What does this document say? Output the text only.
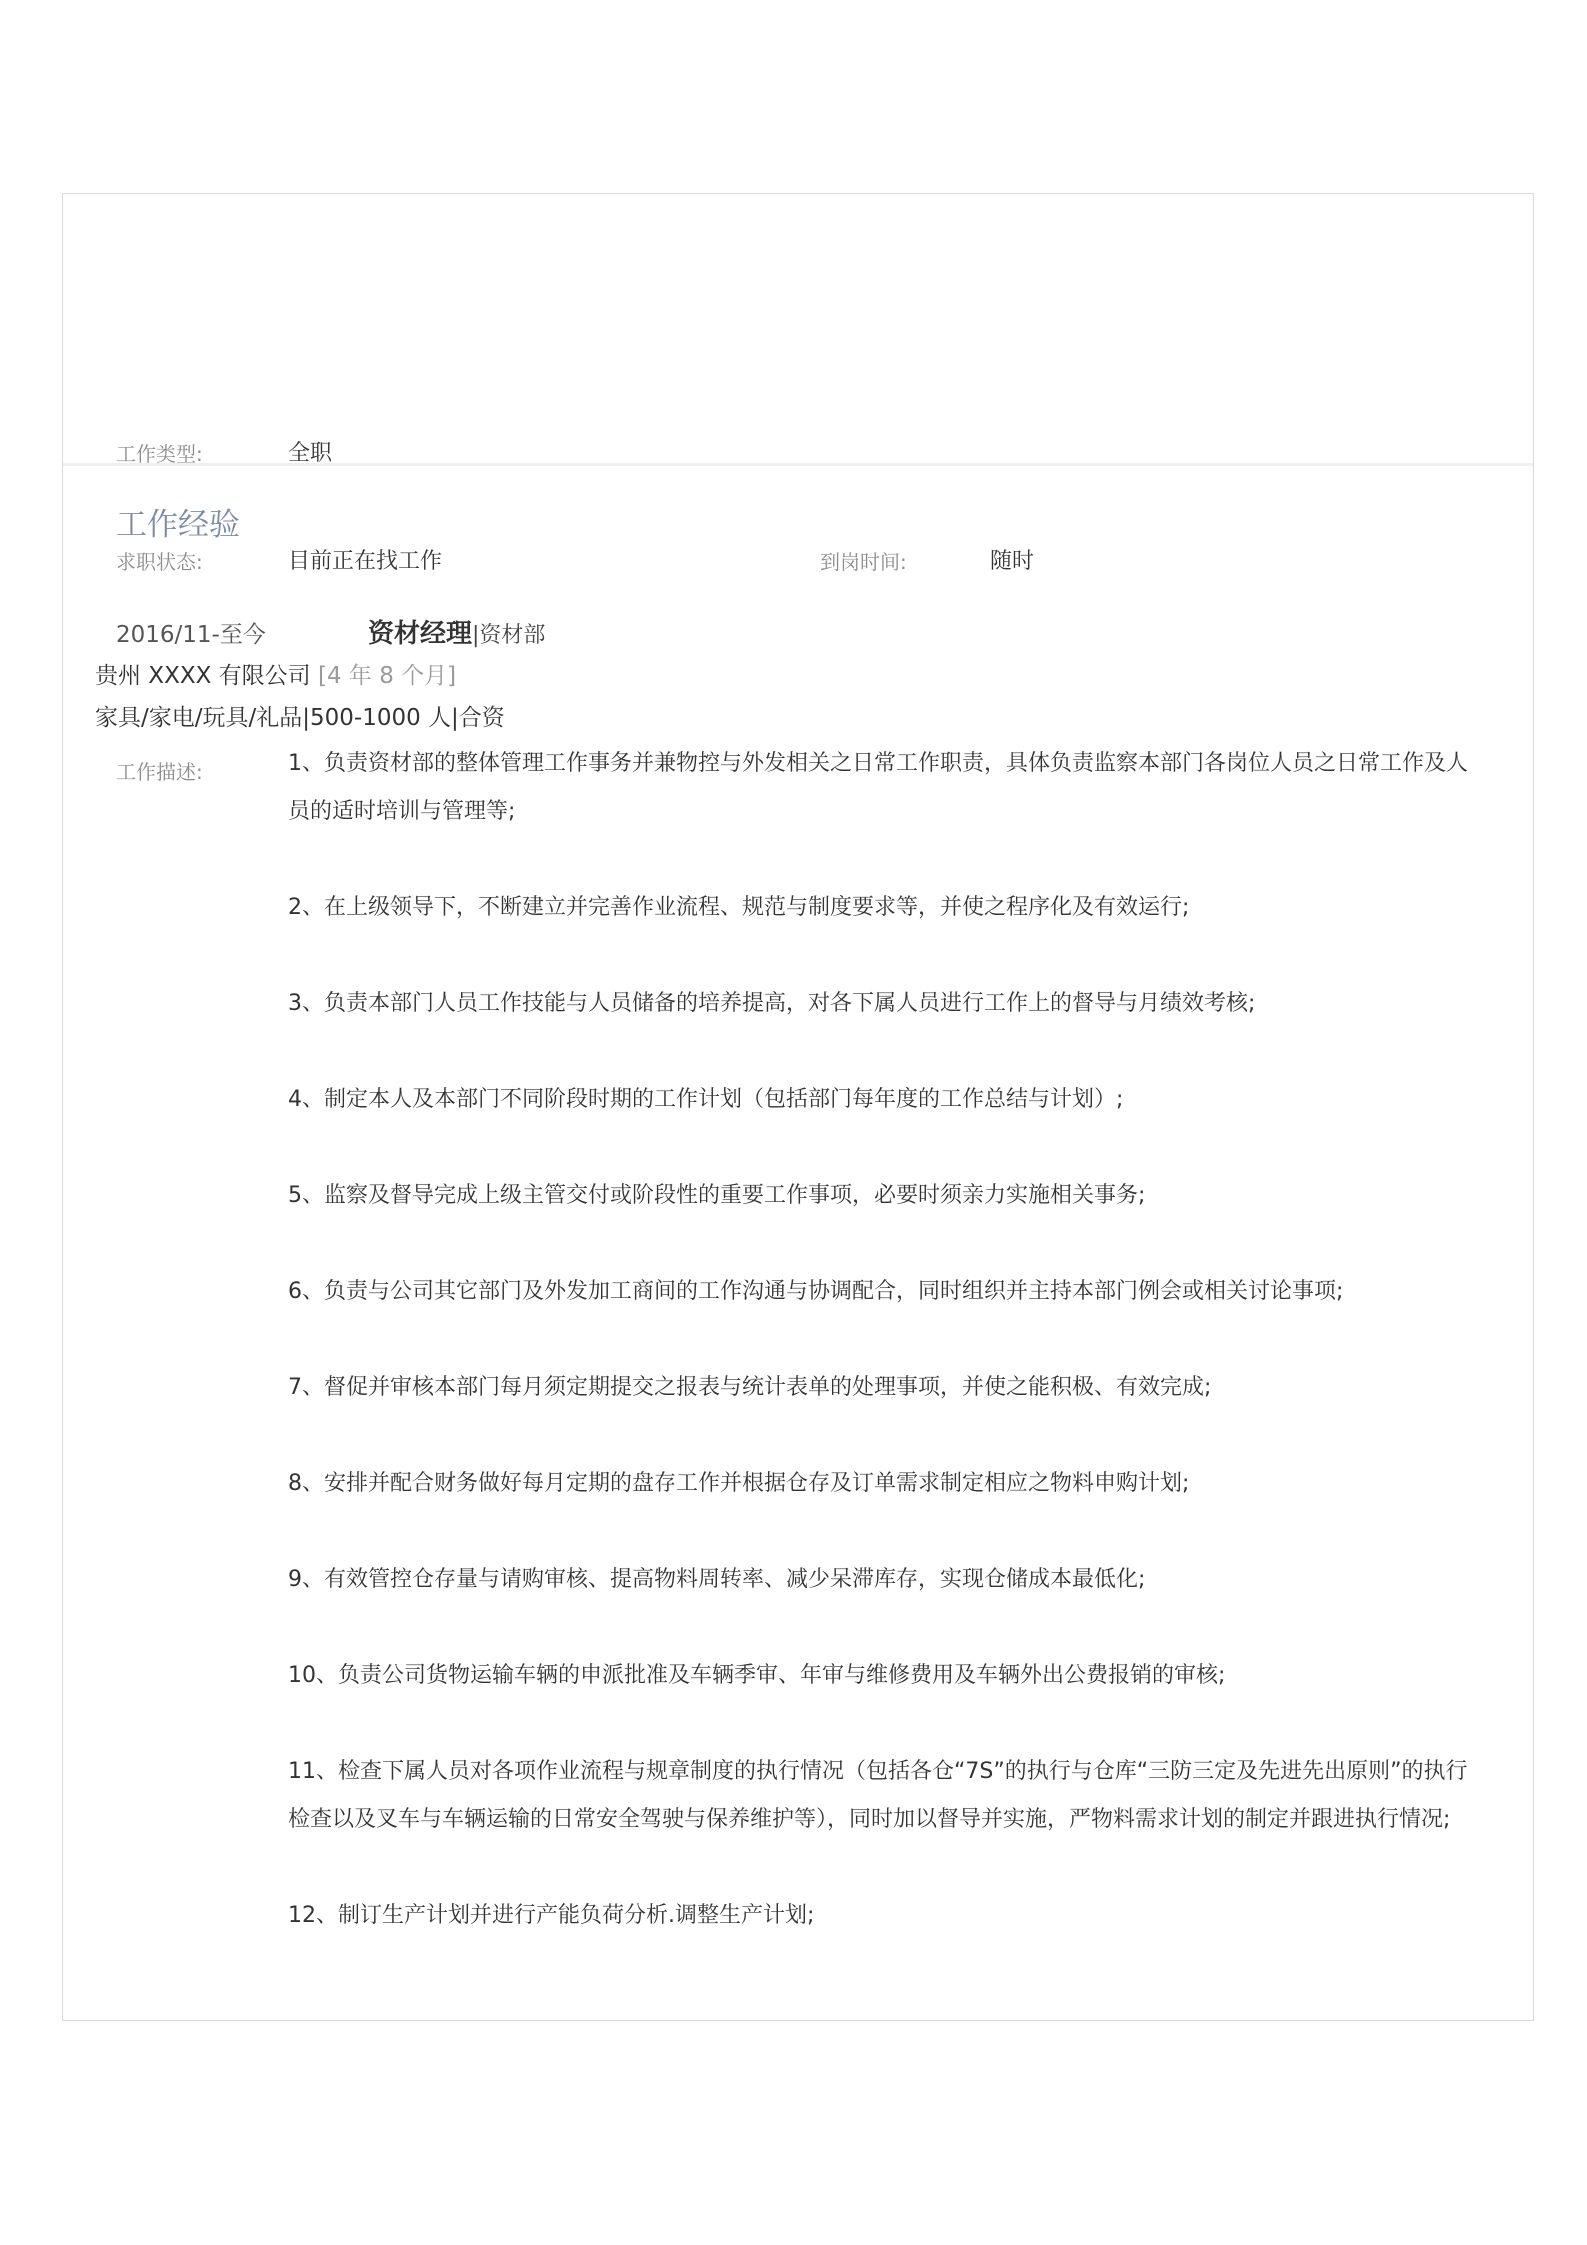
工作类型:	全职
求职状态:	目前正在找工作	到岗时间:	随时
工作经验
2016/11-至今	资材经理|资材部
贵州 XXXX 有限公司 [4 年 8 个月]
家具/家电/玩具/礼品|500-1000 人|合资
工作描述:	1、负责资材部的整体管理工作事务并兼物控与外发相关之日常工作职责，具体负责监察本部门各岗位人员之日常工作及人员的适时培训与管理等;

2、在上级领导下，不断建立并完善作业流程、规范与制度要求等，并使之程序化及有效运行;

3、负责本部门人员工作技能与人员储备的培养提高，对各下属人员进行工作上的督导与月绩效考核;

4、制定本人及本部门不同阶段时期的工作计划（包括部门每年度的工作总结与计划）;

5、监察及督导完成上级主管交付或阶段性的重要工作事项，必要时须亲力实施相关事务;

6、负责与公司其它部门及外发加工商间的工作沟通与协调配合，同时组织并主持本部门例会或相关讨论事项;

7、督促并审核本部门每月须定期提交之报表与统计表单的处理事项，并使之能积极、有效完成;

8、安排并配合财务做好每月定期的盘存工作并根据仓存及订单需求制定相应之物料申购计划;

9、有效管控仓存量与请购审核、提高物料周转率、减少呆滞库存，实现仓储成本最低化;

10、负责公司货物运输车辆的申派批准及车辆季审、年审与维修费用及车辆外出公费报销的审核;

11、检查下属人员对各项作业流程与规章制度的执行情况（包括各仓“7S”的执行与仓库“三防三定及先进先出原则”的执行检查以及叉车与车辆运输的日常安全驾驶与保养维护等），同时加以督导并实施，严物料需求计划的制定并跟进执行情况;

12、制订生产计划并进行产能负荷分析.调整生产计划;
